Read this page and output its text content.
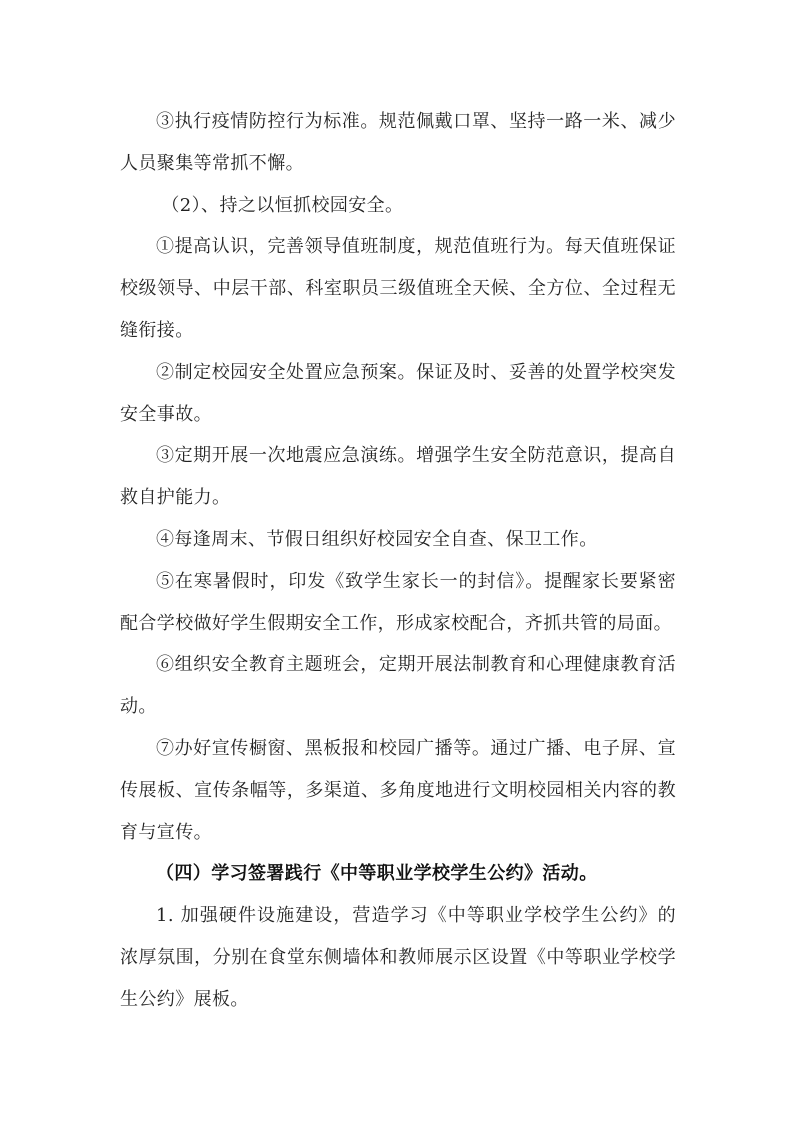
③执行疫情防控行为标准。规范佩戴口罩、坚持一路一米、减少人员聚集等常抓不懈。

（2）、持之以恒抓校园安全。

①提高认识，完善领导值班制度，规范值班行为。每天值班保证校级领导、中层干部、科室职员三级值班全天候、全方位、全过程无缝衔接。

②制定校园安全处置应急预案。保证及时、妥善的处置学校突发安全事故。

③定期开展一次地震应急演练。增强学生安全防范意识，提高自救自护能力。

④每逢周末、节假日组织好校园安全自查、保卫工作。

⑤在寒暑假时，印发《致学生家长一的封信》。提醒家长要紧密配合学校做好学生假期安全工作，形成家校配合，齐抓共管的局面。

⑥组织安全教育主题班会，定期开展法制教育和心理健康教育活动。

⑦办好宣传橱窗、黑板报和校园广播等。通过广播、电子屏、宣传展板、宣传条幅等，多渠道、多角度地进行文明校园相关内容的教育与宣传。

（四）学习签署践行《中等职业学校学生公约》活动。

1. 加强硬件设施建设，营造学习《中等职业学校学生公约》的浓厚氛围，分别在食堂东侧墙体和教师展示区设置《中等职业学校学生公约》展板。
